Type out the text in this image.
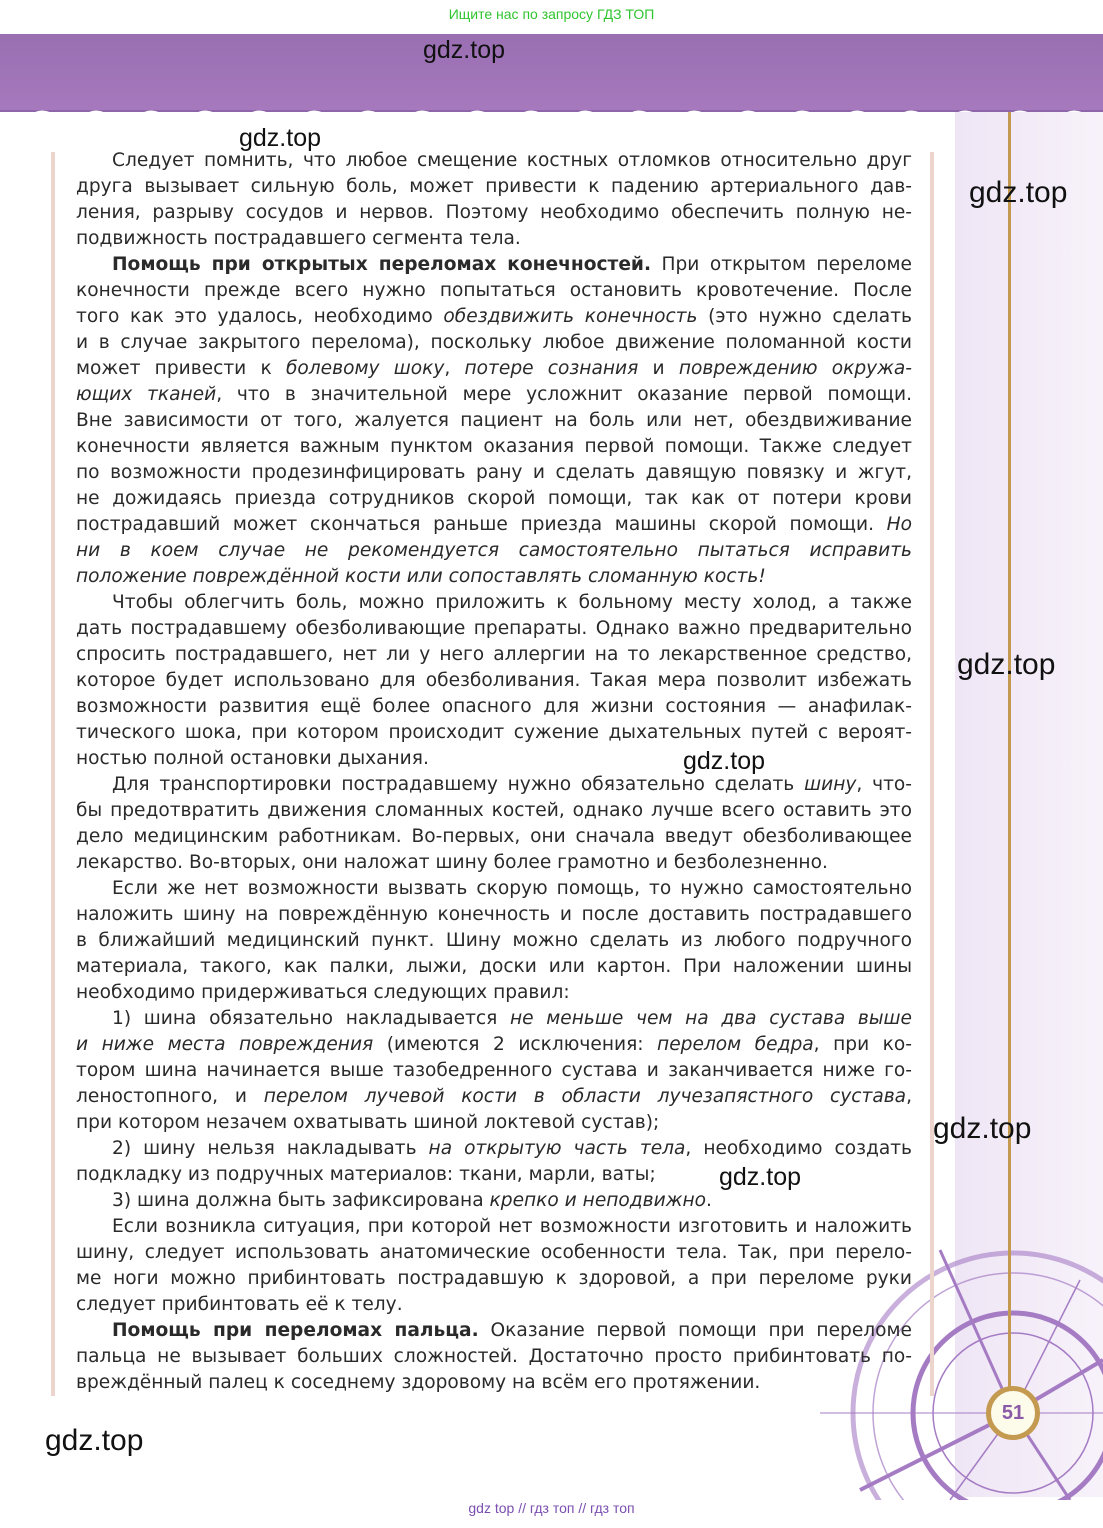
Ищите нас по запросу ГДЗ ТОП
51
Следует помнить, что любое смещение костных отломков относительно друг
друга вызывает сильную боль, может привести к падению артериального дав-
ления, разрыву сосудов и нервов. Поэтому необходимо обеспечить полную не-
подвижность пострадавшего сегмента тела.
Помощь при открытых переломах конечностей. При открытом переломе
конечности прежде всего нужно попытаться остановить кровотечение. После
того как это удалось, необходимо обездвижить конечность (это нужно сделать
и в случае закрытого перелома), поскольку любое движение поломанной кости
может привести к болевому шоку, потере сознания и повреждению окружа-
ющих тканей, что в значительной мере усложнит оказание первой помощи.
Вне зависимости от того, жалуется пациент на боль или нет, обездвиживание
конечности является важным пунктом оказания первой помощи. Также следует
по возможности продезинфицировать рану и сделать давящую повязку и жгут,
не дожидаясь приезда сотрудников скорой помощи, так как от потери крови
пострадавший может скончаться раньше приезда машины скорой помощи. Но
ни в коем случае не рекомендуется самостоятельно пытаться исправить
положение повреждённой кости или сопоставлять сломанную кость!
Чтобы облегчить боль, можно приложить к больному месту холод, а также
дать пострадавшему обезболивающие препараты. Однако важно предварительно
спросить пострадавшего, нет ли у него аллергии на то лекарственное средство,
которое будет использовано для обезболивания. Такая мера позволит избежать
возможности развития ещё более опасного для жизни состояния — анафилак-
тического шока, при котором происходит сужение дыхательных путей с вероят-
ностью полной остановки дыхания.
Для транспортировки пострадавшему нужно обязательно сделать шину, что-
бы предотвратить движения сломанных костей, однако лучше всего оставить это
дело медицинским работникам. Во-первых, они сначала введут обезболивающее
лекарство. Во-вторых, они наложат шину более грамотно и безболезненно.
Если же нет возможности вызвать скорую помощь, то нужно самостоятельно
наложить шину на повреждённую конечность и после доставить пострадавшего
в ближайший медицинский пункт. Шину можно сделать из любого подручного
материала, такого, как палки, лыжи, доски или картон. При наложении шины
необходимо придерживаться следующих правил:
1) шина обязательно накладывается не меньше чем на два сустава выше
и ниже места повреждения (имеются 2 исключения: перелом бедра, при ко-
тором шина начинается выше тазобедренного сустава и заканчивается ниже го-
леностопного, и перелом лучевой кости в области лучезапястного сустава,
при котором незачем охватывать шиной локтевой сустав);
2) шину нельзя накладывать на открытую часть тела, необходимо создать
подкладку из подручных материалов: ткани, марли, ваты;
3) шина должна быть зафиксирована крепко и неподвижно.
Если возникла ситуация, при которой нет возможности изготовить и наложить
шину, следует использовать анатомические особенности тела. Так, при перело-
ме ноги можно прибинтовать пострадавшую к здоровой, а при переломе руки
следует прибинтовать её к телу.
Помощь при переломах пальца. Оказание первой помощи при переломе
пальца не вызывает больших сложностей. Достаточно просто прибинтовать по-
вреждённый палец к соседнему здоровому на всём его протяжении.
gdz.top
gdz.top
gdz.top
gdz.top
gdz.top
gdz.top
gdz.top
gdz.top
gdz top // гдз топ // гдз топ
